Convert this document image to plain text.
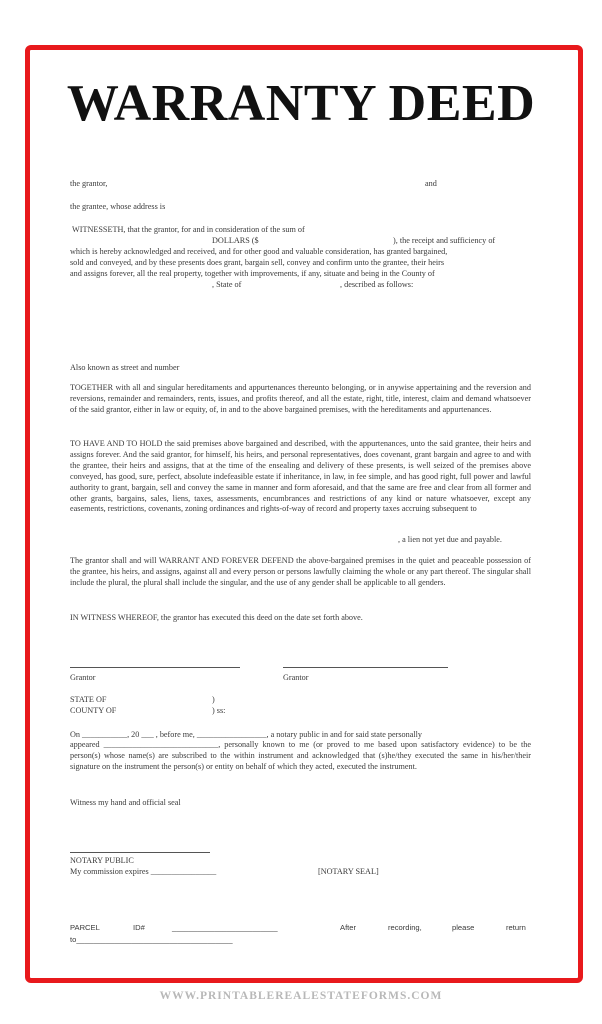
WARRANTY DEED
the grantor,	and
the grantee, whose address is
WITNESSETH, that the grantor, for and in consideration of the sum of
DOLLARS ($	), the receipt and sufficiency of
which is hereby acknowledged and received, and for other good and valuable consideration, has granted bargained,
sold and conveyed, and by these presents does grant, bargain sell, convey and confirm unto the grantee, their heirs
and assigns forever, all the real property, together with improvements, if any, situate and being in the County of
, State of	, described as follows:
Also known as street and number
TOGETHER with all and singular hereditaments and appurtenances thereunto belonging, or in anywise appertaining and the reversion and reversions, remainder and remainders, rents, issues, and profits thereof, and all the estate, right, title, interest, claim and demand whatsoever of the said grantor, either in law or equity, of, in and to the above bargained premises, with the hereditaments and appurtenances.
TO HAVE AND TO HOLD the said premises above bargained and described, with the appurtenances, unto the said grantee, their heirs and assigns forever. And the said grantor, for himself, his heirs, and personal representatives, does covenant, grant bargain and agree to and with the grantee, their heirs and assigns, that at the time of the ensealing and delivery of these presents, is well seized of the premises above conveyed, has good, sure, perfect, absolute indefeasible estate if inheritance, in law, in fee simple, and has good right, full power and lawful authority to grant, bargain, sell and convey the same in manner and form aforesaid, and that the same are free and clear from all former and other grants, bargains, sales, liens, taxes, assessments, encumbrances and restrictions of any kind or nature whatsoever, except any easements, restrictions, covenants, zoning ordinances and rights-of-way of record and property taxes accruing subsequent to
, a lien not yet due and payable.
The grantor shall and will WARRANT AND FOREVER DEFEND the above-bargained premises in the quiet and peaceable possession of the grantee, his heirs, and assigns, against all and every person or persons lawfully claiming the whole or any part thereof. The singular shall include the plural, the plural shall include the singular, and the use of any gender shall be applicable to all genders.
IN WITNESS WHEREOF, the grantor has executed this deed on the date set forth above.
Grantor	Grantor
STATE OF	)
COUNTY OF	) ss:
On ___________, 20 ___ , before me, _________________, a notary public in and for said state personally
appeared ____________________________, personally known to me (or proved to me based upon satisfactory evidence) to be the person(s) whose name(s) are subscribed to the within instrument and acknowledged that (s)he/they executed the same in his/her/their signature on the instrument the person(s) or entity on behalf of which they acted, executed the instrument.
Witness my hand and official seal
NOTARY PUBLIC
My commission expires ________________	[NOTARY SEAL]
PARCEL	ID#	_________________________	After	recording,	please	return
to_____________________________________
WWW.PRINTABLEREALESTATEFORMS.COM
